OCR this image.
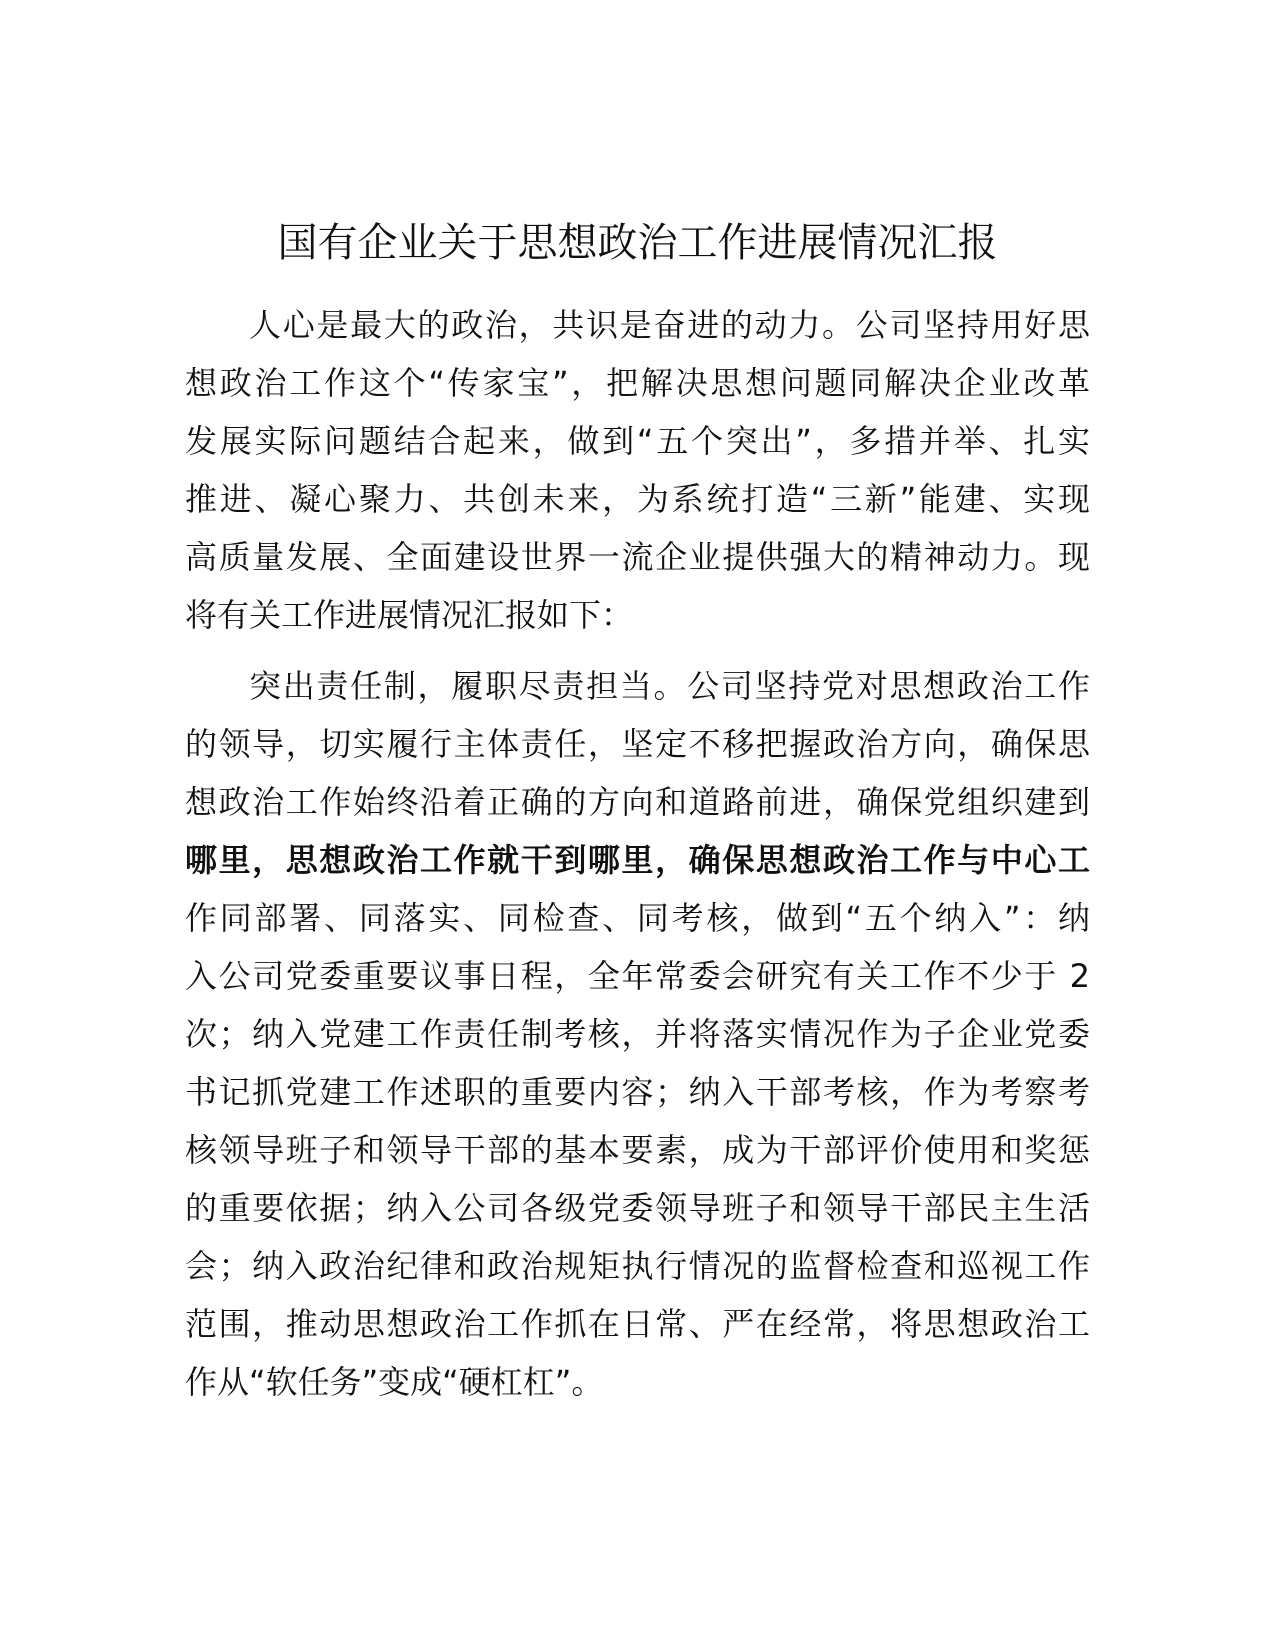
国有企业关于思想政治工作进展情况汇报
人心是最大的政治，共识是奋进的动力。公司坚持用好思
想政治工作这个“传家宝”，把解决思想问题同解决企业改革
发展实际问题结合起来，做到“五个突出”，多措并举、扎实
推进、凝心聚力、共创未来，为系统打造“三新”能建、实现
高质量发展、全面建设世界一流企业提供强大的精神动力。现
将有关工作进展情况汇报如下：
突出责任制，履职尽责担当。公司坚持党对思想政治工作
的领导，切实履行主体责任，坚定不移把握政治方向，确保思
想政治工作始终沿着正确的方向和道路前进，确保党组织建到
哪里，思想政治工作就干到哪里，确保思想政治工作与中心工
作同部署、同落实、同检查、同考核，做到“五个纳入”：纳
入公司党委重要议事日程，全年常委会研究有关工作不少于 2
次；纳入党建工作责任制考核，并将落实情况作为子企业党委
书记抓党建工作述职的重要内容；纳入干部考核，作为考察考
核领导班子和领导干部的基本要素，成为干部评价使用和奖惩
的重要依据；纳入公司各级党委领导班子和领导干部民主生活
会；纳入政治纪律和政治规矩执行情况的监督检查和巡视工作
范围，推动思想政治工作抓在日常、严在经常，将思想政治工
作从“软任务”变成“硬杠杠”。
